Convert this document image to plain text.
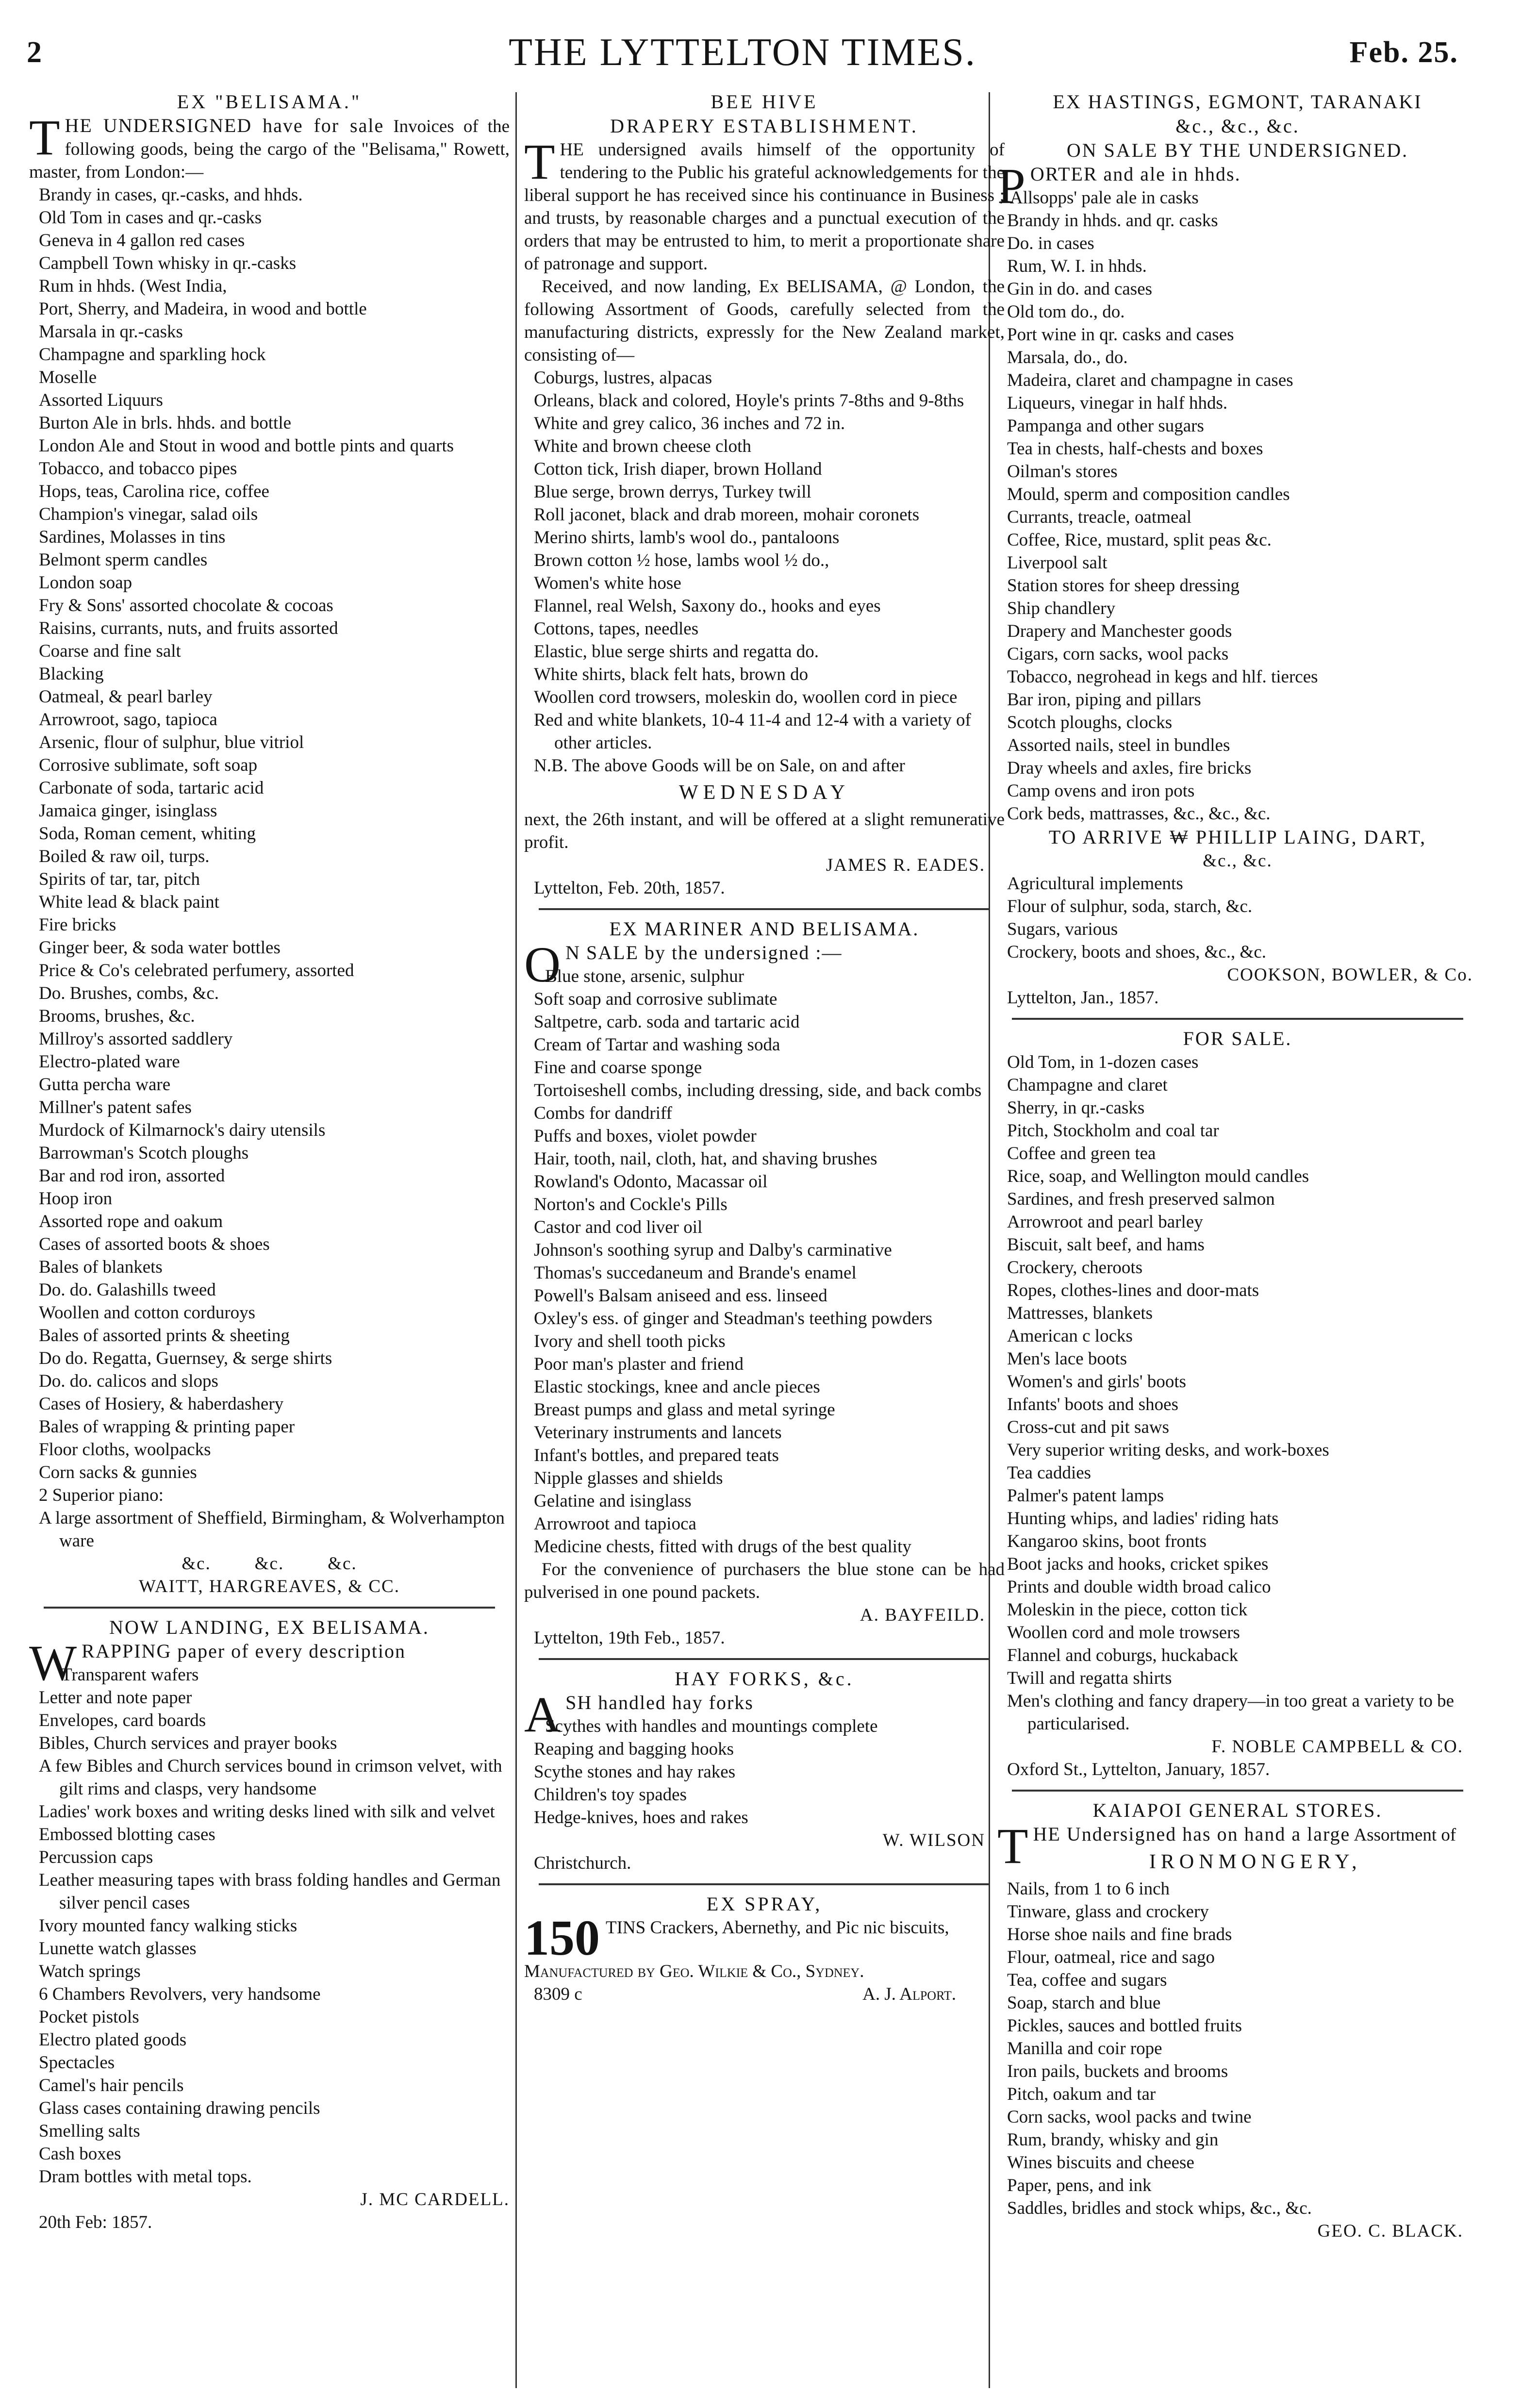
2	THE LYTTELTON TIMES.	Feb. 25.
EX "BELISAMA."

THE UNDERSIGNED have for sale Invoices of the following goods, being the cargo of the "Belisama," Rowett, master, from London:—

Brandy in cases, qr.-casks, and hhds.
Old Tom in cases and qr.-casks
Geneva in 4 gallon red cases
Campbell Town whisky in qr.-casks
Rum in hhds. (West India,
Port, Sherry, and Madeira, in wood and bottle
Marsala in qr.-casks
Champagne and sparkling hock
Moselle
Assorted Liquurs
Burton Ale in brls. hhds. and bottle
London Ale and Stout in wood and bottle pints and quarts
Tobacco, and tobacco pipes
Hops, teas, Carolina rice, coffee
Champion's vinegar, salad oils
Sardines, Molasses in tins
Belmont sperm candles
London soap
Fry & Sons' assorted chocolate & cocoas
Raisins, currants, nuts, and fruits assorted
Coarse and fine salt
Blacking
Oatmeal, & pearl barley
Arrowroot, sago, tapioca
Arsenic, flour of sulphur, blue vitriol
Corrosive sublimate, soft soap
Carbonate of soda, tartaric acid
Jamaica ginger, isinglass
Soda, Roman cement, whiting
Boiled & raw oil, turps.
Spirits of tar, tar, pitch
White lead & black paint
Fire bricks
Ginger beer, & soda water bottles
Price & Co's celebrated perfumery, assorted
Do. Brushes, combs, &c.
Brooms, brushes, &c.
Millroy's assorted saddlery
Electro-plated ware
Gutta percha ware
Millner's patent safes
Murdock of Kilmarnock's dairy utensils
Barrowman's Scotch ploughs
Bar and rod iron, assorted
Hoop iron
Assorted rope and oakum
Cases of assorted boots & shoes
Bales of blankets
Do. do. Galashills tweed
Woollen and cotton corduroys
Bales of assorted prints & sheeting
Do do. Regatta, Guernsey, & serge shirts
Do. do. calicos and slops
Cases of Hosiery, & haberdashery
Bales of wrapping & printing paper
Floor cloths, woolpacks
Corn sacks & gunnies
2 Superior piano:
A large assortment of Sheffield, Birmingham, & Wolverhampton ware
&c.        &c.        &c.
WAITT, HARGREAVES, & CC.
NOW LANDING, EX BELISAMA.

WRAPPING paper of every description

Transparent wafers
Letter and note paper
Envelopes, card boards
Bibles, Church services and prayer books
A few Bibles and Church services bound in crimson velvet, with gilt rims and clasps, very handsome
Ladies' work boxes and writing desks lined with silk and velvet
Embossed blotting cases
Percussion caps
Leather measuring tapes with brass folding handles and German silver pencil cases
Ivory mounted fancy walking sticks
Lunette watch glasses
Watch springs
6 Chambers Revolvers, very handsome
Pocket pistols
Electro plated goods
Spectacles
Camel's hair pencils
Glass cases containing drawing pencils
Smelling salts
Cash boxes
Dram bottles with metal tops.
J. MC CARDELL.
20th Feb: 1857.
BEE HIVE
DRAPERY ESTABLISHMENT.

THE undersigned avails himself of the opportunity of tendering to the Public his grateful acknowledgements for the liberal support he has received since his continuance in Business ; and trusts, by reasonable charges and a punctual execution of the orders that may be entrusted to him, to merit a proportionate share of patronage and support.

Received, and now landing, Ex BELISAMA, @ London, the following Assortment of Goods, carefully selected from the manufacturing districts, expressly for the New Zealand market, consisting of—

Coburgs, lustres, alpacas
Orleans, black and colored, Hoyle's prints 7-8ths and 9-8ths
White and grey calico, 36 inches and 72 in.
White and brown cheese cloth
Cotton tick, Irish diaper, brown Holland
Blue serge, brown derrys, Turkey twill
Roll jaconet, black and drab moreen, mohair coronets
Merino shirts, lamb's wool do., pantaloons
Brown cotton ½ hose, lambs wool ½ do.,
Women's white hose
Flannel, real Welsh, Saxony do., hooks and eyes
Cottons, tapes, needles
Elastic, blue serge shirts and regatta do.
White shirts, black felt hats, brown do
Woollen cord trowsers, moleskin do, woollen cord in piece
Red and white blankets, 10-4 11-4 and 12-4 with a variety of other articles.

N.B. The above Goods will be on Sale, on and after

WEDNESDAY

next, the 26th instant, and will be offered at a slight remunerative profit.

JAMES R. EADES.
Lyttelton, Feb. 20th, 1857.
EX MARINER AND BELISAMA.

O N SALE by the undersigned :—

Blue stone, arsenic, sulphur
Soft soap and corrosive sublimate
Saltpetre, carb. soda and tartaric acid
Cream of Tartar and washing soda
Fine and coarse sponge
Tortoiseshell combs, including dressing, side, and back combs
Combs for dandriff
Puffs and boxes, violet powder
Hair, tooth, nail, cloth, hat, and shaving brushes
Rowland's Odonto, Macassar oil
Norton's and Cockle's Pills
Castor and cod liver oil
Johnson's soothing syrup and Dalby's carminative
Thomas's succedaneum and Brande's enamel
Powell's Balsam aniseed and ess. linseed
Oxley's ess. of ginger and Steadman's teething powders
Ivory and shell tooth picks
Poor man's plaster and friend
Elastic stockings, knee and ancle pieces
Breast pumps and glass and metal syringe
Veterinary instruments and lancets
Infant's bottles, and prepared teats
Nipple glasses and shields
Gelatine and isinglass
Arrowroot and tapioca
Medicine chests, fitted with drugs of the best quality

For the convenience of purchasers the blue stone can be had pulverised in one pound packets.

A. BAYFEILD.
Lyttelton, 19th Feb., 1857.
HAY FORKS, &c.

ASH handled hay forks

Scythes with handles and mountings complete
Reaping and bagging hooks
Scythe stones and hay rakes
Children's toy spades
Hedge-knives, hoes and rakes
W. WILSON
Christchurch.
EX SPRAY,

150 TINS Crackers, Abernethy, and Pic nic biscuits,

Manufactured by Geo. Wilkie & Co., Sydney.
8309 c	A. J. Alport.
EX HASTINGS, EGMONT, TARANAKI
&c., &c., &c.
ON SALE BY THE UNDERSIGNED.

PORTER and ale in hhds.

Allsopps' pale ale in casks
Brandy in hhds. and qr. casks
Do. in cases
Rum, W. I. in hhds.
Gin in do. and cases
Old tom do., do.
Port wine in qr. casks and cases
Marsala, do., do.
Madeira, claret and champagne in cases
Liqueurs, vinegar in half hhds.
Pampanga and other sugars
Tea in chests, half-chests and boxes
Oilman's stores
Mould, sperm and composition candles
Currants, treacle, oatmeal
Coffee, Rice, mustard, split peas &c.
Liverpool salt
Station stores for sheep dressing
Ship chandlery
Drapery and Manchester goods
Cigars, corn sacks, wool packs
Tobacco, negrohead in kegs and hlf. tierces
Bar iron, piping and pillars
Scotch ploughs, clocks
Assorted nails, steel in bundles
Dray wheels and axles, fire bricks
Camp ovens and iron pots
Cork beds, mattrasses, &c., &c., &c.
TO ARRIVE ₩ PHILLIP LAING, DART,
&c., &c.
Agricultural implements
Flour of sulphur, soda, starch, &c.
Sugars, various
Crockery, boots and shoes, &c., &c.
COOKSON, BOWLER, & Co.
Lyttelton, Jan., 1857.
FOR SALE.
Old Tom, in 1-dozen cases
Champagne and claret
Sherry, in qr.-casks
Pitch, Stockholm and coal tar
Coffee and green tea
Rice, soap, and Wellington mould candles
Sardines, and fresh preserved salmon
Arrowroot and pearl barley
Biscuit, salt beef, and hams
Crockery, cheroots
Ropes, clothes-lines and door-mats
Mattresses, blankets
American c locks
Men's lace boots
Women's and girls' boots
Infants' boots and shoes
Cross-cut and pit saws
Very superior writing desks, and work-boxes
Tea caddies
Palmer's patent lamps
Hunting whips, and ladies' riding hats
Kangaroo skins, boot fronts
Boot jacks and hooks, cricket spikes
Prints and double width broad calico
Moleskin in the piece, cotton tick
Woollen cord and mole trowsers
Flannel and coburgs, huckaback
Twill and regatta shirts
Men's clothing and fancy drapery—in too great a variety to be particularised.
F. NOBLE CAMPBELL & CO.
Oxford St., Lyttelton, January, 1857.
KAIAPOI GENERAL STORES.

THE Undersigned has on hand a large Assortment of

IRONMONGERY,
Nails, from 1 to 6 inch
Tinware, glass and crockery
Horse shoe nails and fine brads
Flour, oatmeal, rice and sago
Tea, coffee and sugars
Soap, starch and blue
Pickles, sauces and bottled fruits
Manilla and coir rope
Iron pails, buckets and brooms
Pitch, oakum and tar
Corn sacks, wool packs and twine
Rum, brandy, whisky and gin
Wines biscuits and cheese
Paper, pens, and ink
Saddles, bridles and stock whips, &c., &c.
GEO. C. BLACK.
